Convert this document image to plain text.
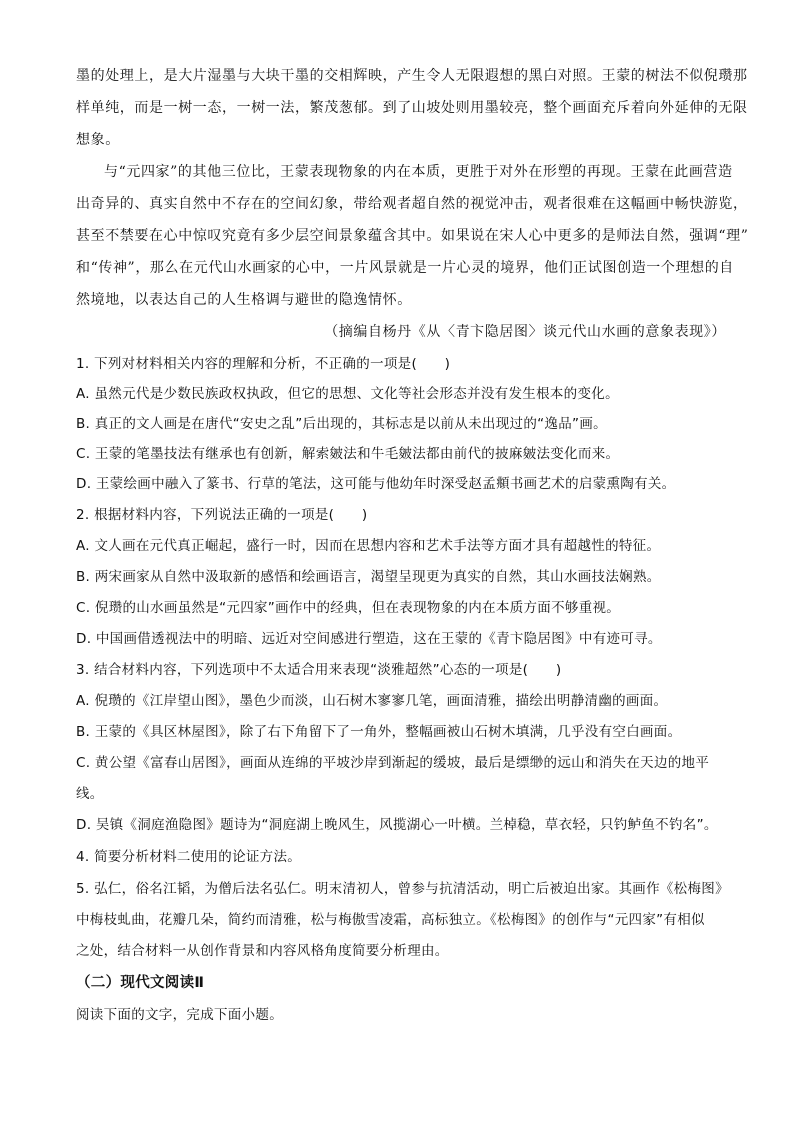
墨的处理上，是大片湿墨与大块干墨的交相辉映，产生令人无限遐想的黑白对照。王蒙的树法不似倪瓒那
样单纯，而是一树一态，一树一法，繁茂葱郁。到了山坡处则用墨较亮，整个画面充斥着向外延伸的无限
想象。
与“元四家”的其他三位比，王蒙表现物象的内在本质，更胜于对外在形塑的再现。王蒙在此画营造
出奇异的、真实自然中不存在的空间幻象，带给观者超自然的视觉冲击，观者很难在这幅画中畅快游览，
甚至不禁要在心中惊叹究竟有多少层空间景象蕴含其中。如果说在宋人心中更多的是师法自然，强调“理”
和“传神”，那么在元代山水画家的心中，一片风景就是一片心灵的境界，他们正试图创造一个理想的自
然境地，以表达自己的人生格调与避世的隐逸情怀。
（摘编自杨丹《从〈青卞隐居图〉谈元代山水画的意象表现》）
1. 下列对材料相关内容的理解和分析，不正确的一项是(　　)
A. 虽然元代是少数民族政权执政，但它的思想、文化等社会形态并没有发生根本的变化。
B. 真正的文人画是在唐代“安史之乱”后出现的，其标志是以前从未出现过的“逸品”画。
C. 王蒙的笔墨技法有继承也有创新，解索皴法和牛毛皴法都由前代的披麻皴法变化而来。
D. 王蒙绘画中融入了篆书、行草的笔法，这可能与他幼年时深受赵孟頫书画艺术的启蒙熏陶有关。
2. 根据材料内容，下列说法正确的一项是(　　)
A. 文人画在元代真正崛起，盛行一时，因而在思想内容和艺术手法等方面才具有超越性的特征。
B. 两宋画家从自然中汲取新的感悟和绘画语言，渴望呈现更为真实的自然，其山水画技法娴熟。
C. 倪瓒的山水画虽然是“元四家”画作中的经典，但在表现物象的内在本质方面不够重视。
D. 中国画借透视法中的明暗、远近对空间感进行塑造，这在王蒙的《青卞隐居图》中有迹可寻。
3. 结合材料内容，下列选项中不太适合用来表现“淡雅超然”心态的一项是(　　)
A. 倪瓒的《江岸望山图》，墨色少而淡，山石树木寥寥几笔，画面清雅，描绘出明静清幽的画面。
B. 王蒙的《具区林屋图》，除了右下角留下了一角外，整幅画被山石树木填满，几乎没有空白画面。
C. 黄公望《富春山居图》，画面从连绵的平坡沙岸到渐起的缓坡，最后是缥缈的远山和消失在天边的地平
线。
D. 吴镇《洞庭渔隐图》题诗为“洞庭湖上晚风生，风揽湖心一叶横。兰棹稳，草衣轻，只钓鲈鱼不钓名”。
4. 简要分析材料二使用的论证方法。
5. 弘仁，俗名江韬，为僧后法名弘仁。明末清初人，曾参与抗清活动，明亡后被迫出家。其画作《松梅图》
中梅枝虬曲，花瓣几朵，简约而清雅，松与梅傲雪凌霜，高标独立。《松梅图》的创作与“元四家”有相似
之处，结合材料一从创作背景和内容风格角度简要分析理由。
（二）现代文阅读Ⅱ
阅读下面的文字，完成下面小题。
